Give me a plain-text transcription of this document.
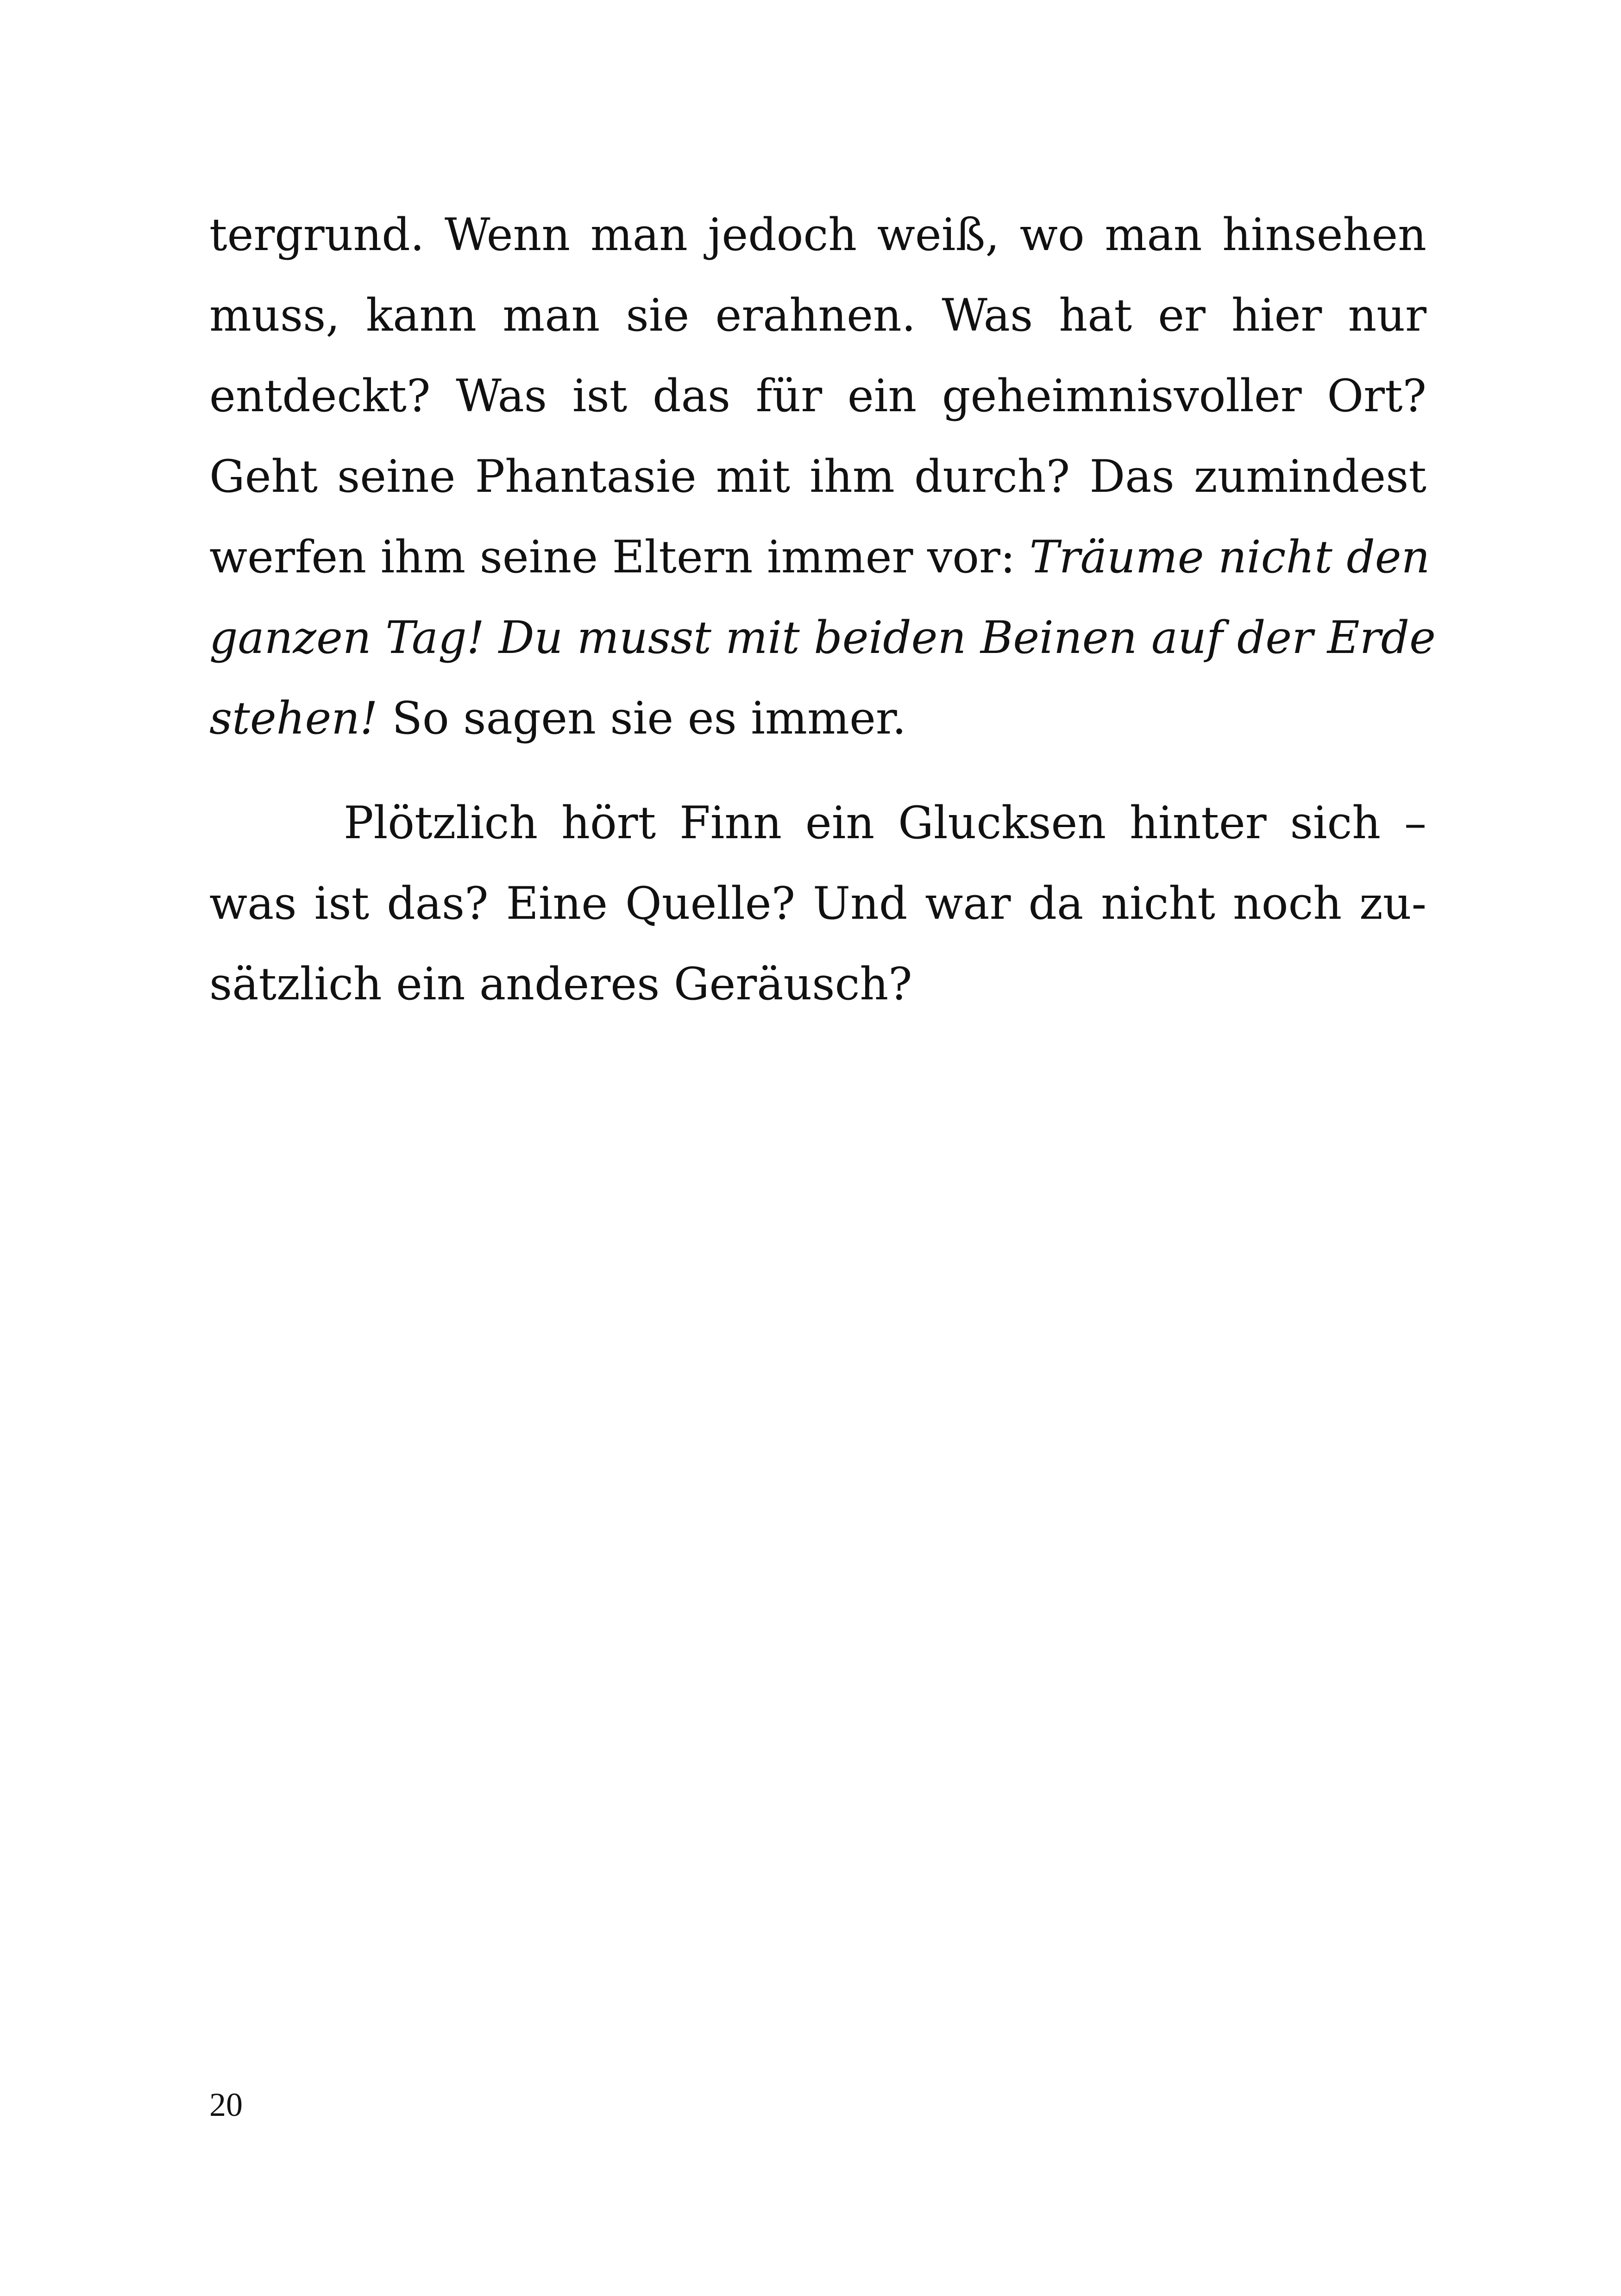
tergrund. Wenn man jedoch weiß, wo man hinsehen
muss, kann man sie erahnen. Was hat er hier nur
entdeckt? Was ist das für ein geheimnisvoller Ort?
Geht seine Phantasie mit ihm durch? Das zumindest
werfen ihm seine Eltern immer vor: Träume nicht den
ganzen Tag! Du musst mit beiden Beinen auf der Erde
stehen! So sagen sie es immer.
Plötzlich hört Finn ein Glucksen hinter sich –
was ist das? Eine Quelle? Und war da nicht noch zu-
sätzlich ein anderes Geräusch?
20
